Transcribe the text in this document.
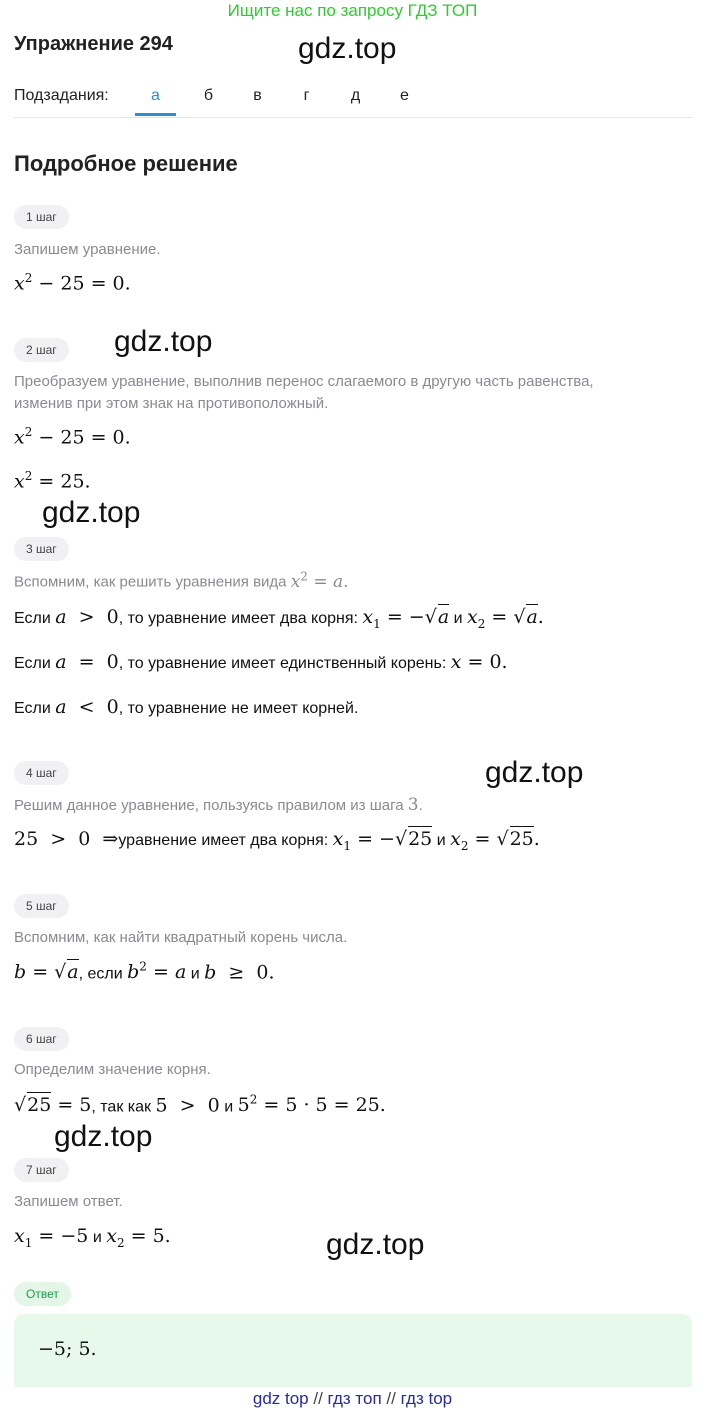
Ищите нас по запросу ГДЗ ТОП
Упражнение 294	gdz.top
Подзадания:	а	б	в	г	д	е
Подробное решение
1 шаг
Запишем уравнение.
$x^2 - 25 = 0$.
2 шаг	gdz.top
Преобразуем уравнение, выполнив перенос слагаемого в другую часть равенства,
изменив при этом знак на противоположный.
$x^2 - 25 = 0$.
$x^2 = 25$.
gdz.top
3 шаг
Вспомним, как решить уравнения вида $x^2 = a$.
Если a  >  0, то уравнение имеет два корня: $x_1 = -√a$ и $x_2 = √a$.
Если a  =  0, то уравнение имеет единственный корень: x = 0.
Если a  <  0, то уравнение не имеет корней.
4 шаг	gdz.top
Решим данное уравнение, пользуясь правилом из шага 3.
25  >  0  ⇒уравнение имеет два корня: $x_1 = -√25$ и $x_2 = √25$.
5 шаг
Вспомним, как найти квадратный корень числа.
b = √a, если $b^2 = a$ и b  ≥  0.
6 шаг
Определим значение корня.
√25 = 5, так как 5  >  0 и $5^2 = 5 \cdot 5 = 25$.
gdz.top
7 шаг
Запишем ответ.
$x_1 = -5$ и $x_2 = 5$.	gdz.top
Ответ
−5; 5.
gdz top // гдз топ // гдз top
